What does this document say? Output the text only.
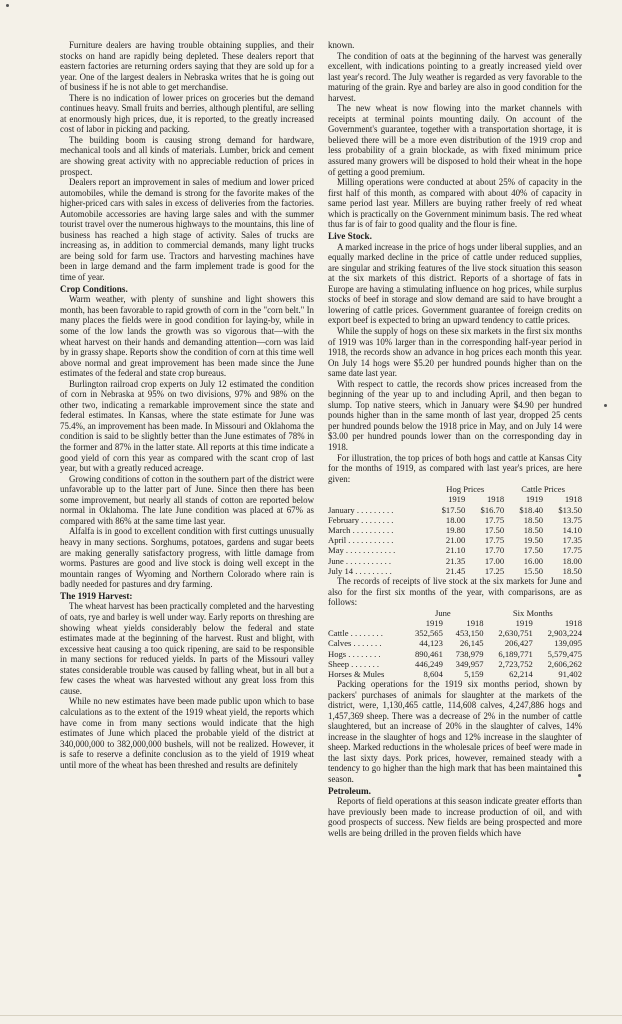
Furniture dealers are having trouble obtaining supplies, and their stocks on hand are rapidly being depleted. These dealers report that eastern factories are returning orders saying that they are sold up for a year. One of the largest dealers in Nebraska writes that he is going out of business if he is not able to get merchandise.

There is no indication of lower prices on groceries but the demand continues heavy. Small fruits and berries, although plentiful, are selling at enormously high prices, due, it is reported, to the greatly increased cost of labor in picking and packing.

The building boom is causing strong demand for hardware, mechanical tools and all kinds of materials. Lumber, brick and cement are showing great activity with no appreciable reduction of prices in prospect.

Dealers report an improvement in sales of medium and lower priced automobiles, while the demand is strong for the favorite makes of the higher-priced cars with sales in excess of deliveries from the factories. Automobile accessories are having large sales and with the summer tourist travel over the numerous highways to the mountains, this line of business has reached a high stage of activity. Sales of trucks are increasing as, in addition to commercial demands, many light trucks are being sold for farm use. Tractors and harvesting machines have been in large demand and the farm implement trade is good for the time of year.

Crop Conditions.

Warm weather, with plenty of sunshine and light showers this month, has been favorable to rapid growth of corn in the "corn belt." In many places the fields were in good condition for laying-by, while in some of the low lands the growth was so vigorous that—with the wheat harvest on their hands and demanding attention—corn was laid by in grassy shape. Reports show the condition of corn at this time well above normal and great improvement has been made since the June estimates of the federal and state crop bureaus.

Burlington railroad crop experts on July 12 estimated the condition of corn in Nebraska at 95% on two divisions, 97% and 98% on the other two, indicating a remarkable improvement since the state and federal estimates. In Kansas, where the state estimate for June was 75.4%, an improvement has been made. In Missouri and Oklahoma the condition is said to be slightly better than the June estimates of 78% in the former and 87% in the latter state. All reports at this time indicate a good yield of corn this year as compared with the scant crop of last year, but with a greatly reduced acreage.

Growing conditions of cotton in the southern part of the district were unfavorable up to the latter part of June. Since then there has been some improvement, but nearly all stands of cotton are reported below normal in Oklahoma. The late June condition was placed at 67% as compared with 86% at the same time last year.

Alfalfa is in good to excellent condition with first cuttings unusually heavy in many sections. Sorghums, potatoes, gardens and sugar beets are making generally satisfactory progress, with little damage from worms. Pastures are good and live stock is doing well except in the mountain ranges of Wyoming and Northern Colorado where rain is badly needed for pastures and dry farming.

The 1919 Harvest:

The wheat harvest has been practically completed and the harvesting of oats, rye and barley is well under way. Early reports on threshing are showing wheat yields considerably below the federal and state estimates made at the beginning of the harvest. Rust and blight, with excessive heat causing a too quick ripening, are said to be responsible in many sections for reduced yields. In parts of the Missouri valley states considerable trouble was caused by falling wheat, but in all but a few cases the wheat was harvested without any great loss from this cause.

While no new estimates have been made public upon which to base calculations as to the extent of the 1919 wheat yield, the reports which have come in from many sections would indicate that the high estimates of June which placed the probable yield of the district at 340,000,000 to 382,000,000 bushels, will not be realized. However, it is safe to reserve a definite conclusion as to the yield of 1919 wheat until more of the wheat has been threshed and results are definitely

known.

The condition of oats at the beginning of the harvest was generally excellent, with indications pointing to a greatly increased yield over last year's record. The July weather is regarded as very favorable to the maturing of the grain. Rye and barley are also in good condition for the harvest.

The new wheat is now flowing into the market channels with receipts at terminal points mounting daily. On account of the Government's guarantee, together with a transportation shortage, it is believed there will be a more even distribution of the 1919 crop and less probability of a grain blockade, as with fixed minimum price assured many growers will be disposed to hold their wheat in the hope of getting a good premium.

Milling operations were conducted at about 25% of capacity in the first half of this month, as compared with about 40% of capacity in same period last year. Millers are buying rather freely of red wheat which is practically on the Government minimum basis. The red wheat thus far is of fair to good quality and the flour is fine.

Live Stock.

A marked increase in the price of hogs under liberal supplies, and an equally marked decline in the price of cattle under reduced supplies, are singular and striking features of the live stock situation this season at the six markets of this district. Reports of a shortage of fats in Europe are having a stimulating influence on hog prices, while surplus stocks of beef in storage and slow demand are said to have brought a lowering of cattle prices. Government guarantee of foreign credits on export beef is expected to bring an upward tendency to cattle prices.

While the supply of hogs on these six markets in the first six months of 1919 was 10% larger than in the corresponding half-year period in 1918, the records show an advance in hog prices each month this year. On July 14 hogs were $5.20 per hundred pounds higher than on the same date last year.

With respect to cattle, the records show prices increased from the beginning of the year up to and including April, and then began to slump. Top native steers, which in January were $4.90 per hundred pounds higher than in the same month of last year, dropped 25 cents per hundred pounds below the 1918 price in May, and on July 14 were $3.00 per hundred pounds lower than on the corresponding day in 1918.

For illustration, the top prices of both hogs and cattle at Kansas City for the months of 1919, as compared with last year's prices, are here given:

	Hog Prices		Cattle Prices	
	1919	1918	1919	1918
January . . . . . . . . .	$17.50	$16.70	$18.40	$13.50
February . . . . . . . .	18.00	17.75	18.50	13.75
March . . . . . . . . . .	19.80	17.50	18.50	14.10
April . . . . . . . . . . .	21.00	17.75	19.50	17.35
May . . . . . . . . . . . .	21.10	17.70	17.50	17.75
June . . . . . . . . . . .	21.35	17.00	16.00	18.00
July 14 . . . . . . . . .	21.45	17.25	15.50	18.50

The records of receipts of live stock at the six markets for June and also for the first six months of the year, with comparisons, are as follows:

	June		Six Months	
	1919	1918	1919	1918
Cattle . . . . . . . .	352,565	453,150	2,630,751	2,903,224
Calves . . . . . . .	44,123	26,145	206,427	139,095
Hogs . . . . . . . .	890,461	738,979	6,189,771	5,579,475
Sheep . . . . . . .	446,249	349,957	2,723,752	2,606,262
Horses & Mules	8,604	5,159	62,214	91,402

Packing operations for the 1919 six months period, shown by packers' purchases of animals for slaughter at the markets of the district, were, 1,130,465 cattle, 114,608 calves, 4,247,886 hogs and 1,457,369 sheep. There was a decrease of 2% in the number of cattle slaughtered, but an increase of 20% in the slaughter of calves, 14% increase in the slaughter of hogs and 12% increase in the slaughter of sheep. Marked reductions in the wholesale prices of beef were made in the last sixty days. Pork prices, however, remained steady with a tendency to go higher than the high mark that has been maintained this season.

Petroleum.

Reports of field operations at this season indicate greater efforts than have previously been made to increase production of oil, and with good prospects of success. New fields are being prospected and more wells are being drilled in the proven fields which have
